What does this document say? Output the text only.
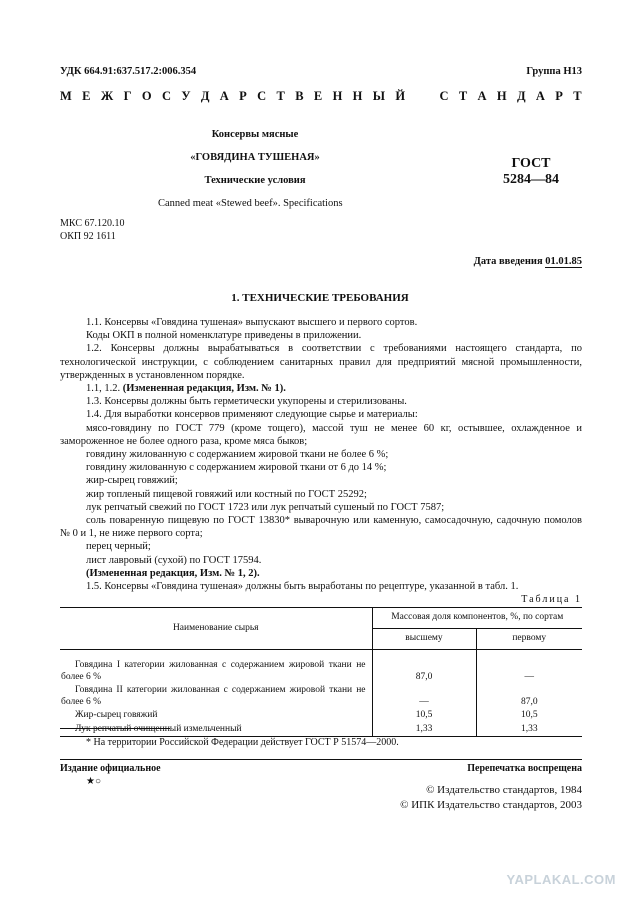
УДК 664.91:637.517.2:006.354	Группа Н13
М Е Ж Г О С У Д А Р С Т В Е Н Н Ы Й	С Т А Н Д А Р Т
Консервы мясные
«ГОВЯДИНА ТУШЕНАЯ»
Технические условия
Canned meat «Stewed beef». Specifications
ГОСТ
5284—84
МКС 67.120.10
ОКП 92 1611
Дата введения 01.01.85
1. ТЕХНИЧЕСКИЕ ТРЕБОВАНИЯ
1.1. Консервы «Говядина тушеная» выпускают высшего и первого сортов.
Коды ОКП в полной номенклатуре приведены в приложении.
1.2. Консервы должны вырабатываться в соответствии с требованиями настоящего стандарта, по технологической инструкции, с соблюдением санитарных правил для предприятий мясной промышленности, утвержденных в установленном порядке.
1.1, 1.2. (Измененная редакция, Изм. № 1).
1.3. Консервы должны быть герметически укупорены и стерилизованы.
1.4. Для выработки консервов применяют следующие сырье и материалы:
мясо-говядину по ГОСТ 779 (кроме тощего), массой туш не менее 60 кг, остывшее, охлажденное и замороженное не более одного раза, кроме мяса быков;
говядину жилованную с содержанием жировой ткани не более 6 %;
говядину жилованную с содержанием жировой ткани от 6 до 14 %;
жир-сырец говяжий;
жир топленый пищевой говяжий или костный по ГОСТ 25292;
лук репчатый свежий по ГОСТ 1723 или лук репчатый сушеный по ГОСТ 7587;
соль поваренную пищевую по ГОСТ 13830* выварочную или каменную, самосадочную, садочную помолов № 0 и 1, не ниже первого сорта;
перец черный;
лист лавровый (сухой) по ГОСТ 17594.
(Измененная редакция, Изм. № 1, 2).
1.5. Консервы «Говядина тушеная» должны быть выработаны по рецептуре, указанной в табл. 1.
Таблица 1
Наименование сырья	Массовая доля компонентов, %, по сортам	
	высшему	первому
Говядина I категории жилованная с содержанием жировой ткани не более 6 %	87,0	—
Говядина II категории жилованная с содержанием жировой ткани не более 6 %	—	87,0
Жир-сырец говяжий	10,5	10,5
Лук репчатый очищенный измельченный	1,33	1,33
* На территории Российской Федерации действует ГОСТ Р 51574—2000.
Издание официальное	Перепечатка воспрещена
★○
© Издательство стандартов, 1984
© ИПК Издательство стандартов, 2003
YAPLAKAL.COM
